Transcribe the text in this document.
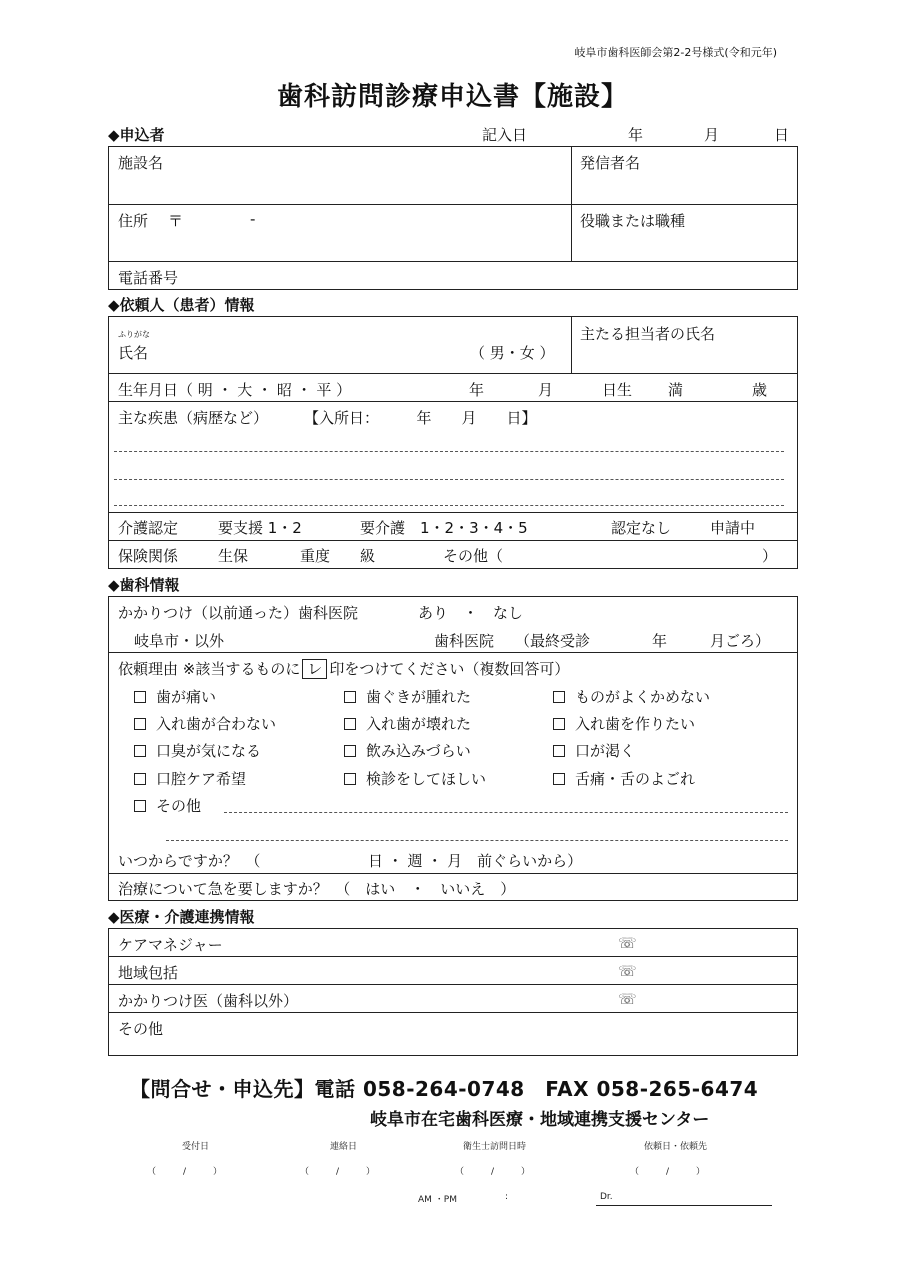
岐阜市歯科医師会第2-2号様式(令和元年)
歯科訪問診療申込書【施設】
◆申込者	記入日	年	月	日
施設名	発信者名
住所 〒	-	役職または職種
電話番号
◆依頼人（患者）情報
ふりがな
氏名	（ 男・女 ）
主たる担当者の氏名
生年月日（ 明 ・ 大 ・ 昭 ・ 平 ）	年	月	日生 満	歳
主な疾患（病歴など） 【入所日：　　　年　　月　　日】
介護認定	要支援 1・2	要介護　1・2・3・4・5	認定なし	申請中
保険関係	生保	重度　　級	その他（	）
◆歯科情報
かかりつけ（以前通った）歯科医院	あり　・　なし
岐阜市・以外	歯科医院 （最終受診	年	月ごろ）
依頼理由 ※該当するものに レ 印をつけてください（複数回答可）
歯が痛い	歯ぐきが腫れた	ものがよくかめない
入れ歯が合わない	入れ歯が壊れた	入れ歯を作りたい
口臭が気になる	飲み込みづらい	口が渇く
口腔ケア希望	検診をしてほしい	舌痛・舌のよごれ
その他
いつからですか？　（	日 ・ 週 ・ 月　前ぐらいから）
治療について急を要しますか？　（　はい　・　いいえ　）
◆医療・介護連携情報
ケアマネジャー	☏
地域包括	☏
かかりつけ医（歯科以外）	☏
その他
【問合せ・申込先】電話 058-264-0748　FAX 058-265-6474
岐阜市在宅歯科医療・地域連携支援センター
受付日	連絡日	衛生士訪問日時	依頼日・依頼先
（　　/　　）	（　　/　　）	（　　/　　）	（　　/　　）
AM ・PM	:	Dr.
